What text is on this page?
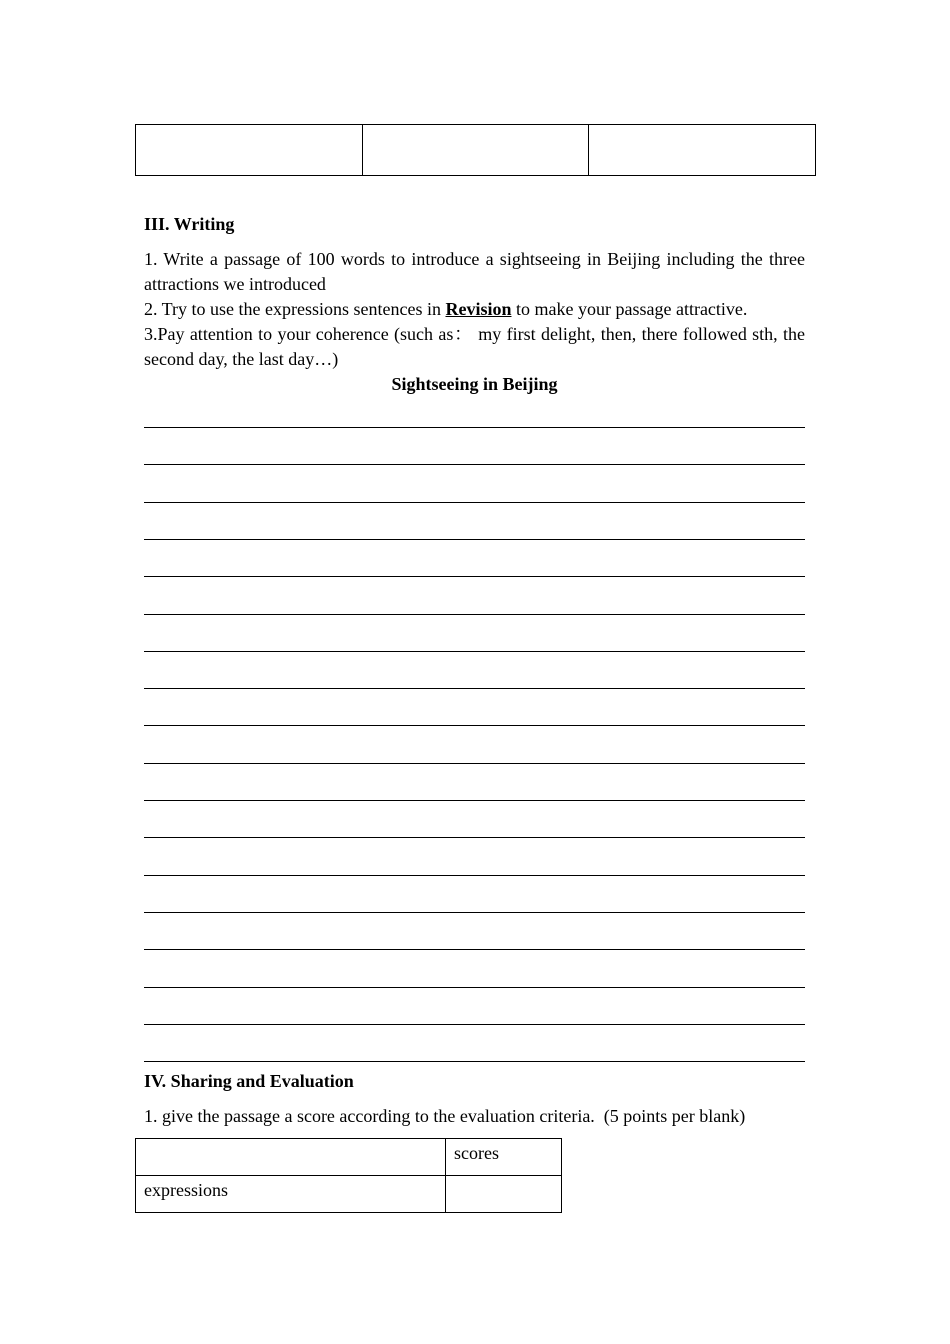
III. Writing
1. Write a passage of 100 words to introduce a sightseeing in Beijing including the three attractions we introduced
2. Try to use the expressions sentences in Revision to make your passage attractive.
3.Pay attention to your coherence (such as： my first delight, then, there followed sth, the second day, the last day…)
Sightseeing in Beijing
IV. Sharing and Evaluation
1. give the passage a score according to the evaluation criteria.  (5 points per blank)
	scores
expressions	
